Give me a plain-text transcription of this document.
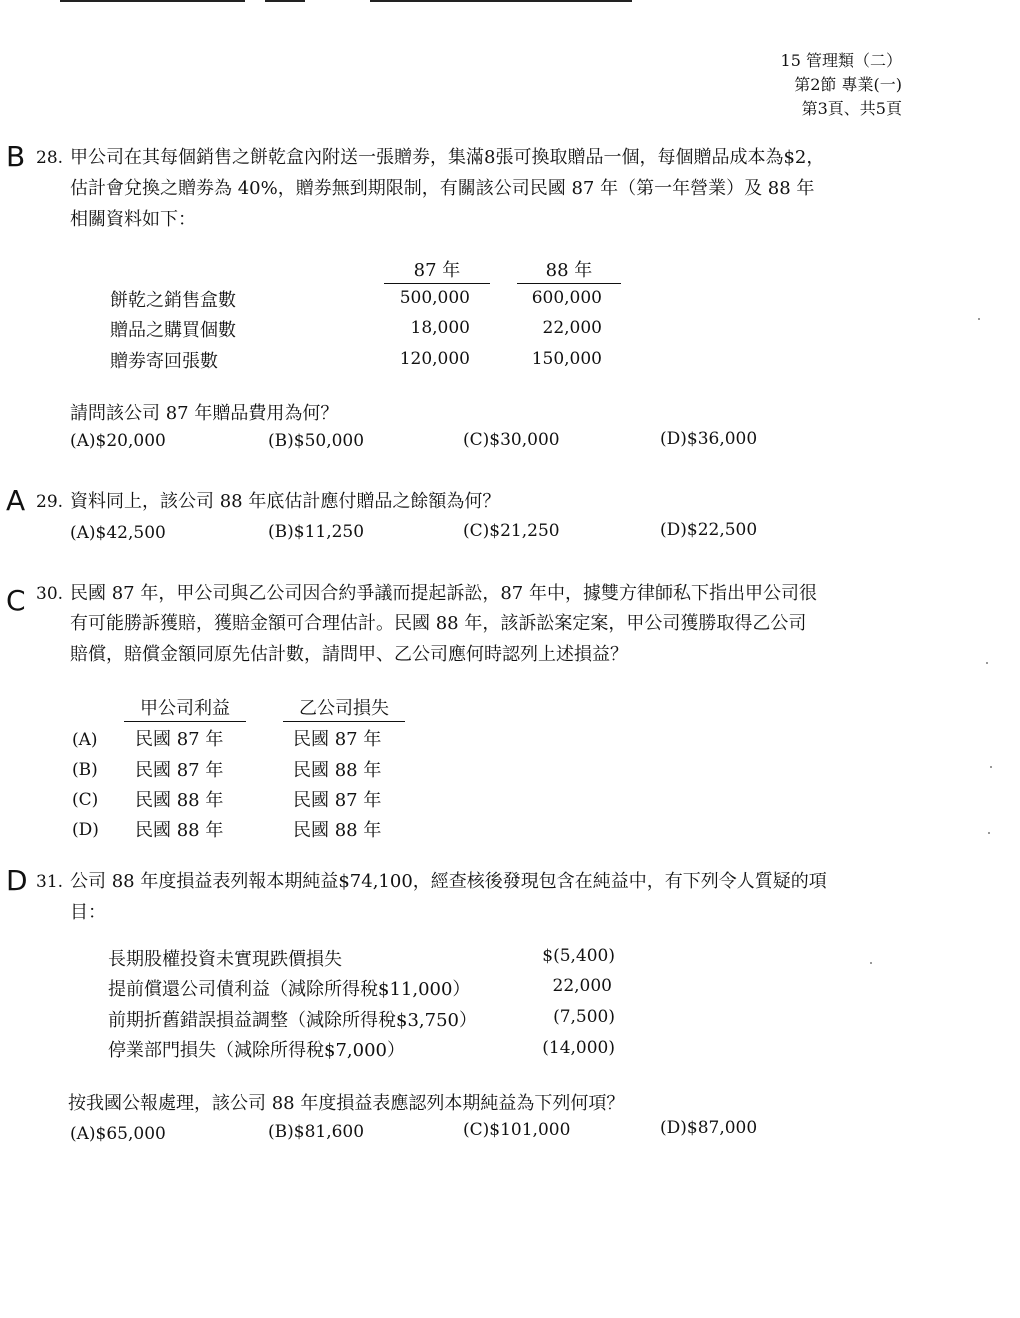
15 管理類（二）
第2節 專業(一)
第3頁、共5頁
B 28. 甲公司在其每個銷售之餅乾盒內附送一張贈劵，集滿8張可換取贈品一個，每個贈品成本為$2，
估計會兌換之贈劵為 40%，贈劵無到期限制，有關該公司民國 87 年（第一年營業）及 88 年
相關資料如下：
87 年	88 年
餅乾之銷售盒數	500,000	600,000
贈品之購買個數	18,000	22,000
贈劵寄回張數	120,000	150,000
請問該公司 87 年贈品費用為何？
(A)$20,000	(B)$50,000	(C)$30,000	(D)$36,000
A 29. 資料同上，該公司 88 年底估計應付贈品之餘額為何？
(A)$42,500	(B)$11,250	(C)$21,250	(D)$22,500
C 30. 民國 87 年，甲公司與乙公司因合約爭議而提起訴訟，87 年中，據雙方律師私下指出甲公司很
有可能勝訴獲賠，獲賠金額可合理估計。民國 88 年，該訴訟案定案，甲公司獲勝取得乙公司
賠償，賠償金額同原先估計數，請問甲、乙公司應何時認列上述損益？
甲公司利益	乙公司損失
(A) 民國 87 年	民國 87 年
(B) 民國 87 年	民國 88 年
(C) 民國 88 年	民國 87 年
(D) 民國 88 年	民國 88 年
D 31. 公司 88 年度損益表列報本期純益$74,100，經查核後發現包含在純益中，有下列令人質疑的項
目：
長期股權投資未實現跌價損失	$(5,400)
提前償還公司債利益（減除所得稅$11,000）	22,000
前期折舊錯誤損益調整（減除所得稅$3,750）	(7,500)
停業部門損失（減除所得稅$7,000）	(14,000)
按我國公報處理，該公司 88 年度損益表應認列本期純益為下列何項？
(A)$65,000	(B)$81,600	(C)$101,000	(D)$87,000
